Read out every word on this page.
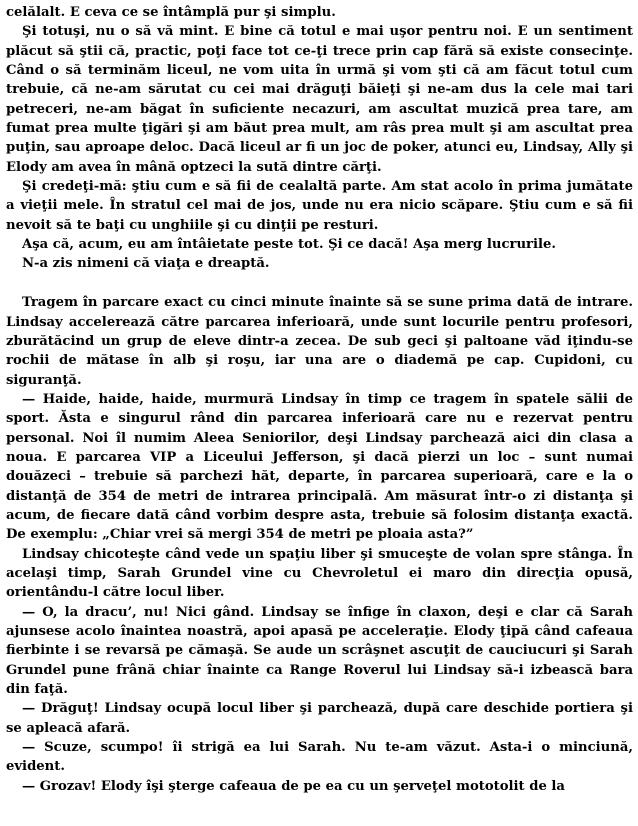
celălalt. E ceva ce se întâmplă pur şi simplu.

Şi totuşi, nu o să vă mint. E bine că totul e mai uşor pentru noi. E un sentiment plăcut să ştii că, practic, poţi face tot ce-ţi trece prin cap fără să existe consecinţe. Când o să terminăm liceul, ne vom uita în urmă şi vom şti că am făcut totul cum trebuie, că ne-am sărutat cu cei mai drăguţi băieţi şi ne-am dus la cele mai tari petreceri, ne-am băgat în suficiente necazuri, am ascultat muzică prea tare, am fumat prea multe ţigări şi am băut prea mult, am râs prea mult şi am ascultat prea puţin, sau aproape deloc. Dacă liceul ar fi un joc de poker, atunci eu, Lindsay, Ally şi Elody am avea în mână optzeci la sută dintre cărţi.

Şi credeţi-mă: ştiu cum e să fii de cealaltă parte. Am stat acolo în prima jumătate a vieţii mele. În stratul cel mai de jos, unde nu era nicio scăpare. Ştiu cum e să fii nevoit să te baţi cu unghiile şi cu dinţii pe resturi.

Aşa că, acum, eu am întâietate peste tot. Şi ce dacă! Aşa merg lucrurile.

N-a zis nimeni că viaţa e dreaptă.

Tragem în parcare exact cu cinci minute înainte să se sune prima dată de intrare. Lindsay accelerează către parcarea inferioară, unde sunt locurile pentru profesori, zburătăcind un grup de eleve dintr-a zecea. De sub geci şi paltoane văd iţindu-se rochii de mătase în alb şi roşu, iar una are o diademă pe cap. Cupidoni, cu siguranţă.

— Haide, haide, haide, murmură Lindsay în timp ce tragem în spatele sălii de sport. Ăsta e singurul rând din parcarea inferioară care nu e rezervat pentru personal. Noi îl numim Aleea Seniorilor, deşi Lindsay parchează aici din clasa a noua. E parcarea VIP a Liceului Jefferson, şi dacă pierzi un loc – sunt numai douăzeci – trebuie să parchezi hăt, departe, în parcarea superioară, care e la o distanţă de 354 de metri de intrarea principală. Am măsurat într-o zi distanţa şi acum, de fiecare dată când vorbim despre asta, trebuie să folosim distanţa exactă. De exemplu: „Chiar vrei să mergi 354 de metri pe ploaia asta?”

Lindsay chicoteşte când vede un spaţiu liber şi smuceşte de volan spre stânga. În acelaşi timp, Sarah Grundel vine cu Chevroletul ei maro din direcţia opusă, orientându-l către locul liber.

— O, la dracu’, nu! Nici gând. Lindsay se înfige în claxon, deşi e clar că Sarah ajunsese acolo înaintea noastră, apoi apasă pe acceleraţie. Elody ţipă când cafeaua fierbinte i se revarsă pe cămaşă. Se aude un scrâşnet ascuţit de cauciucuri şi Sarah Grundel pune frână chiar înainte ca Range Roverul lui Lindsay să-i izbească bara din faţă.

— Drăguţ! Lindsay ocupă locul liber şi parchează, după care deschide portiera şi se apleacă afară.

— Scuze, scumpo! îi strigă ea lui Sarah. Nu te-am văzut. Asta-i o minciună, evident.

— Grozav! Elody îşi şterge cafeaua de pe ea cu un şerveţel mototolit de la
